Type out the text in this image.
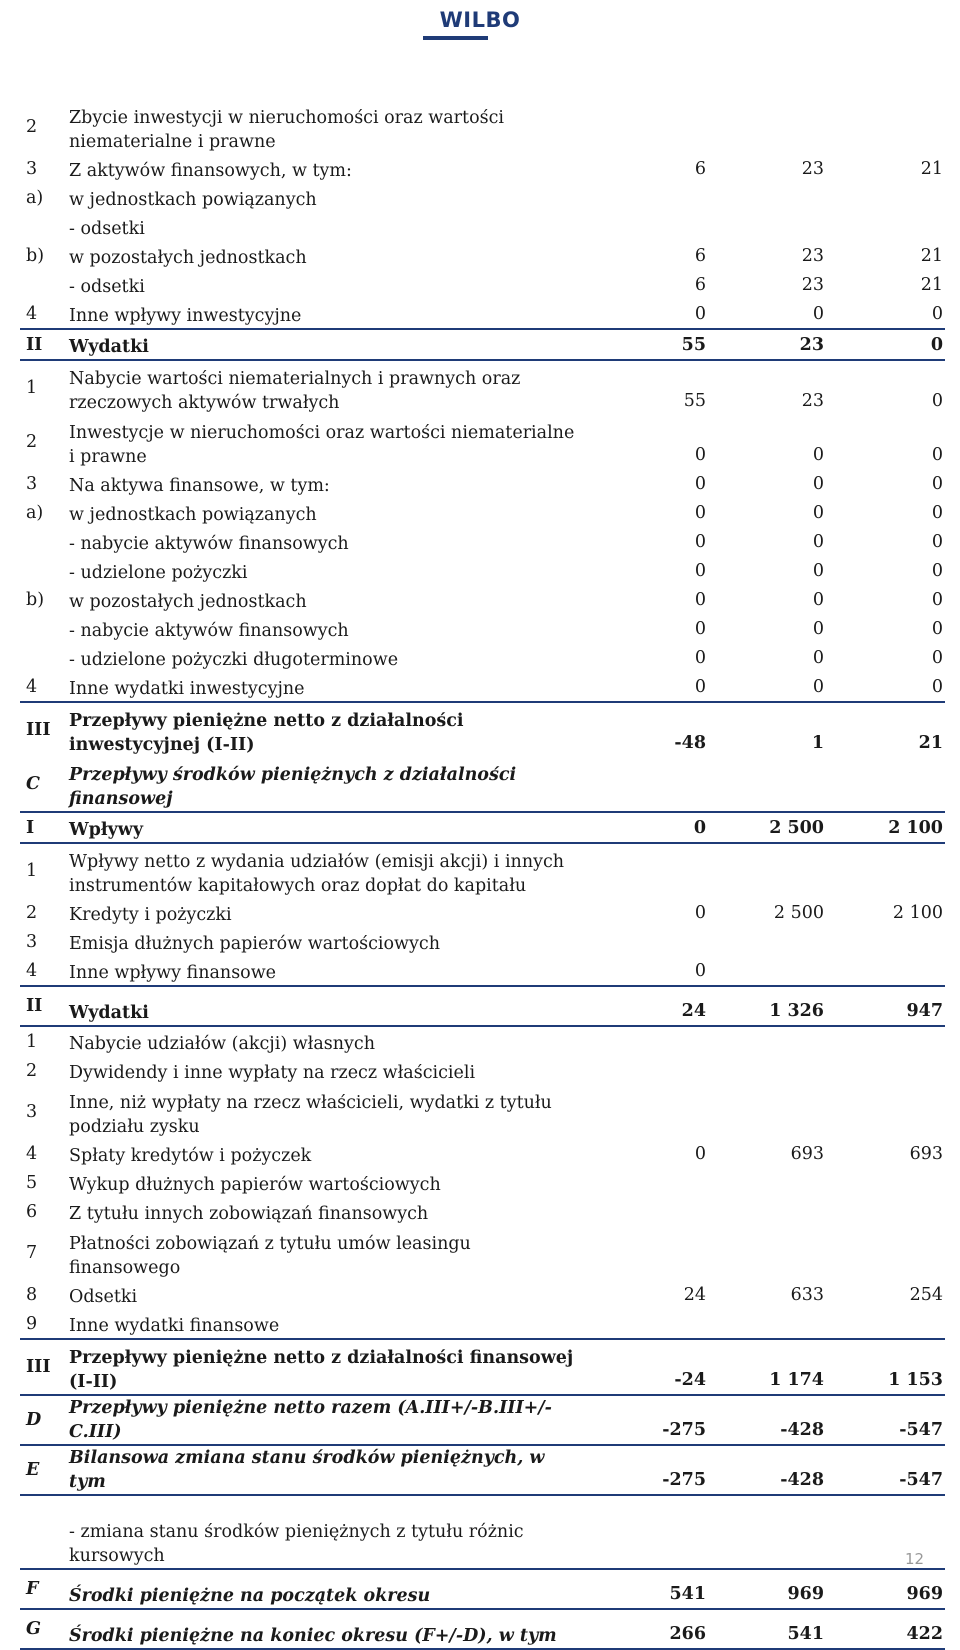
WILBO
2	Zbycie inwestycji w nieruchomości oraz wartości niematerialne i prawne			
3	Z aktywów finansowych, w tym:	6	23	21
a)	w jednostkach powiązanych			
	- odsetki			
b)	w pozostałych jednostkach	6	23	21
	- odsetki	6	23	21
4	Inne wpływy inwestycyjne	0	0	0
II	Wydatki	55	23	0
1	Nabycie wartości niematerialnych i prawnych oraz rzeczowych aktywów trwałych	55	23	0
2	Inwestycje w nieruchomości oraz wartości niematerialne i prawne	0	0	0
3	Na aktywa finansowe, w tym:	0	0	0
a)	w jednostkach powiązanych	0	0	0
	- nabycie aktywów finansowych	0	0	0
	- udzielone pożyczki	0	0	0
b)	w pozostałych jednostkach	0	0	0
	- nabycie aktywów finansowych	0	0	0
	- udzielone pożyczki długoterminowe	0	0	0
4	Inne wydatki inwestycyjne	0	0	0
III	Przepływy pieniężne netto z działalności inwestycyjnej (I-II)	-48	1	21
C	Przepływy środków pieniężnych z działalności finansowej			
I	Wpływy	0	2 500	2 100
1	Wpływy netto z wydania udziałów (emisji akcji) i innych instrumentów kapitałowych oraz dopłat do kapitału			
2	Kredyty i pożyczki	0	2 500	2 100
3	Emisja dłużnych papierów wartościowych			
4	Inne wpływy finansowe	0		
II	Wydatki	24	1 326	947
1	Nabycie udziałów (akcji) własnych			
2	Dywidendy i inne wypłaty na rzecz właścicieli			
3	Inne, niż wypłaty na rzecz właścicieli, wydatki z tytułu podziału zysku			
4	Spłaty kredytów i pożyczek	0	693	693
5	Wykup dłużnych papierów wartościowych			
6	Z tytułu innych zobowiązań finansowych			
7	Płatności zobowiązań z tytułu umów leasingu finansowego			
8	Odsetki	24	633	254
9	Inne wydatki finansowe			
III	Przepływy pieniężne netto z działalności finansowej (I-II)	-24	1 174	1 153
D	Przepływy pieniężne netto razem (A.III+/-B.III+/-C.III)	-275	-428	-547
E	Bilansowa zmiana stanu środków pieniężnych, w tym	-275	-428	-547
	- zmiana stanu środków pieniężnych z tytułu różnic kursowych			
F	Środki pieniężne na początek okresu	541	969	969
G	Środki pieniężne na koniec okresu (F+/-D), w tym	266	541	422
12
